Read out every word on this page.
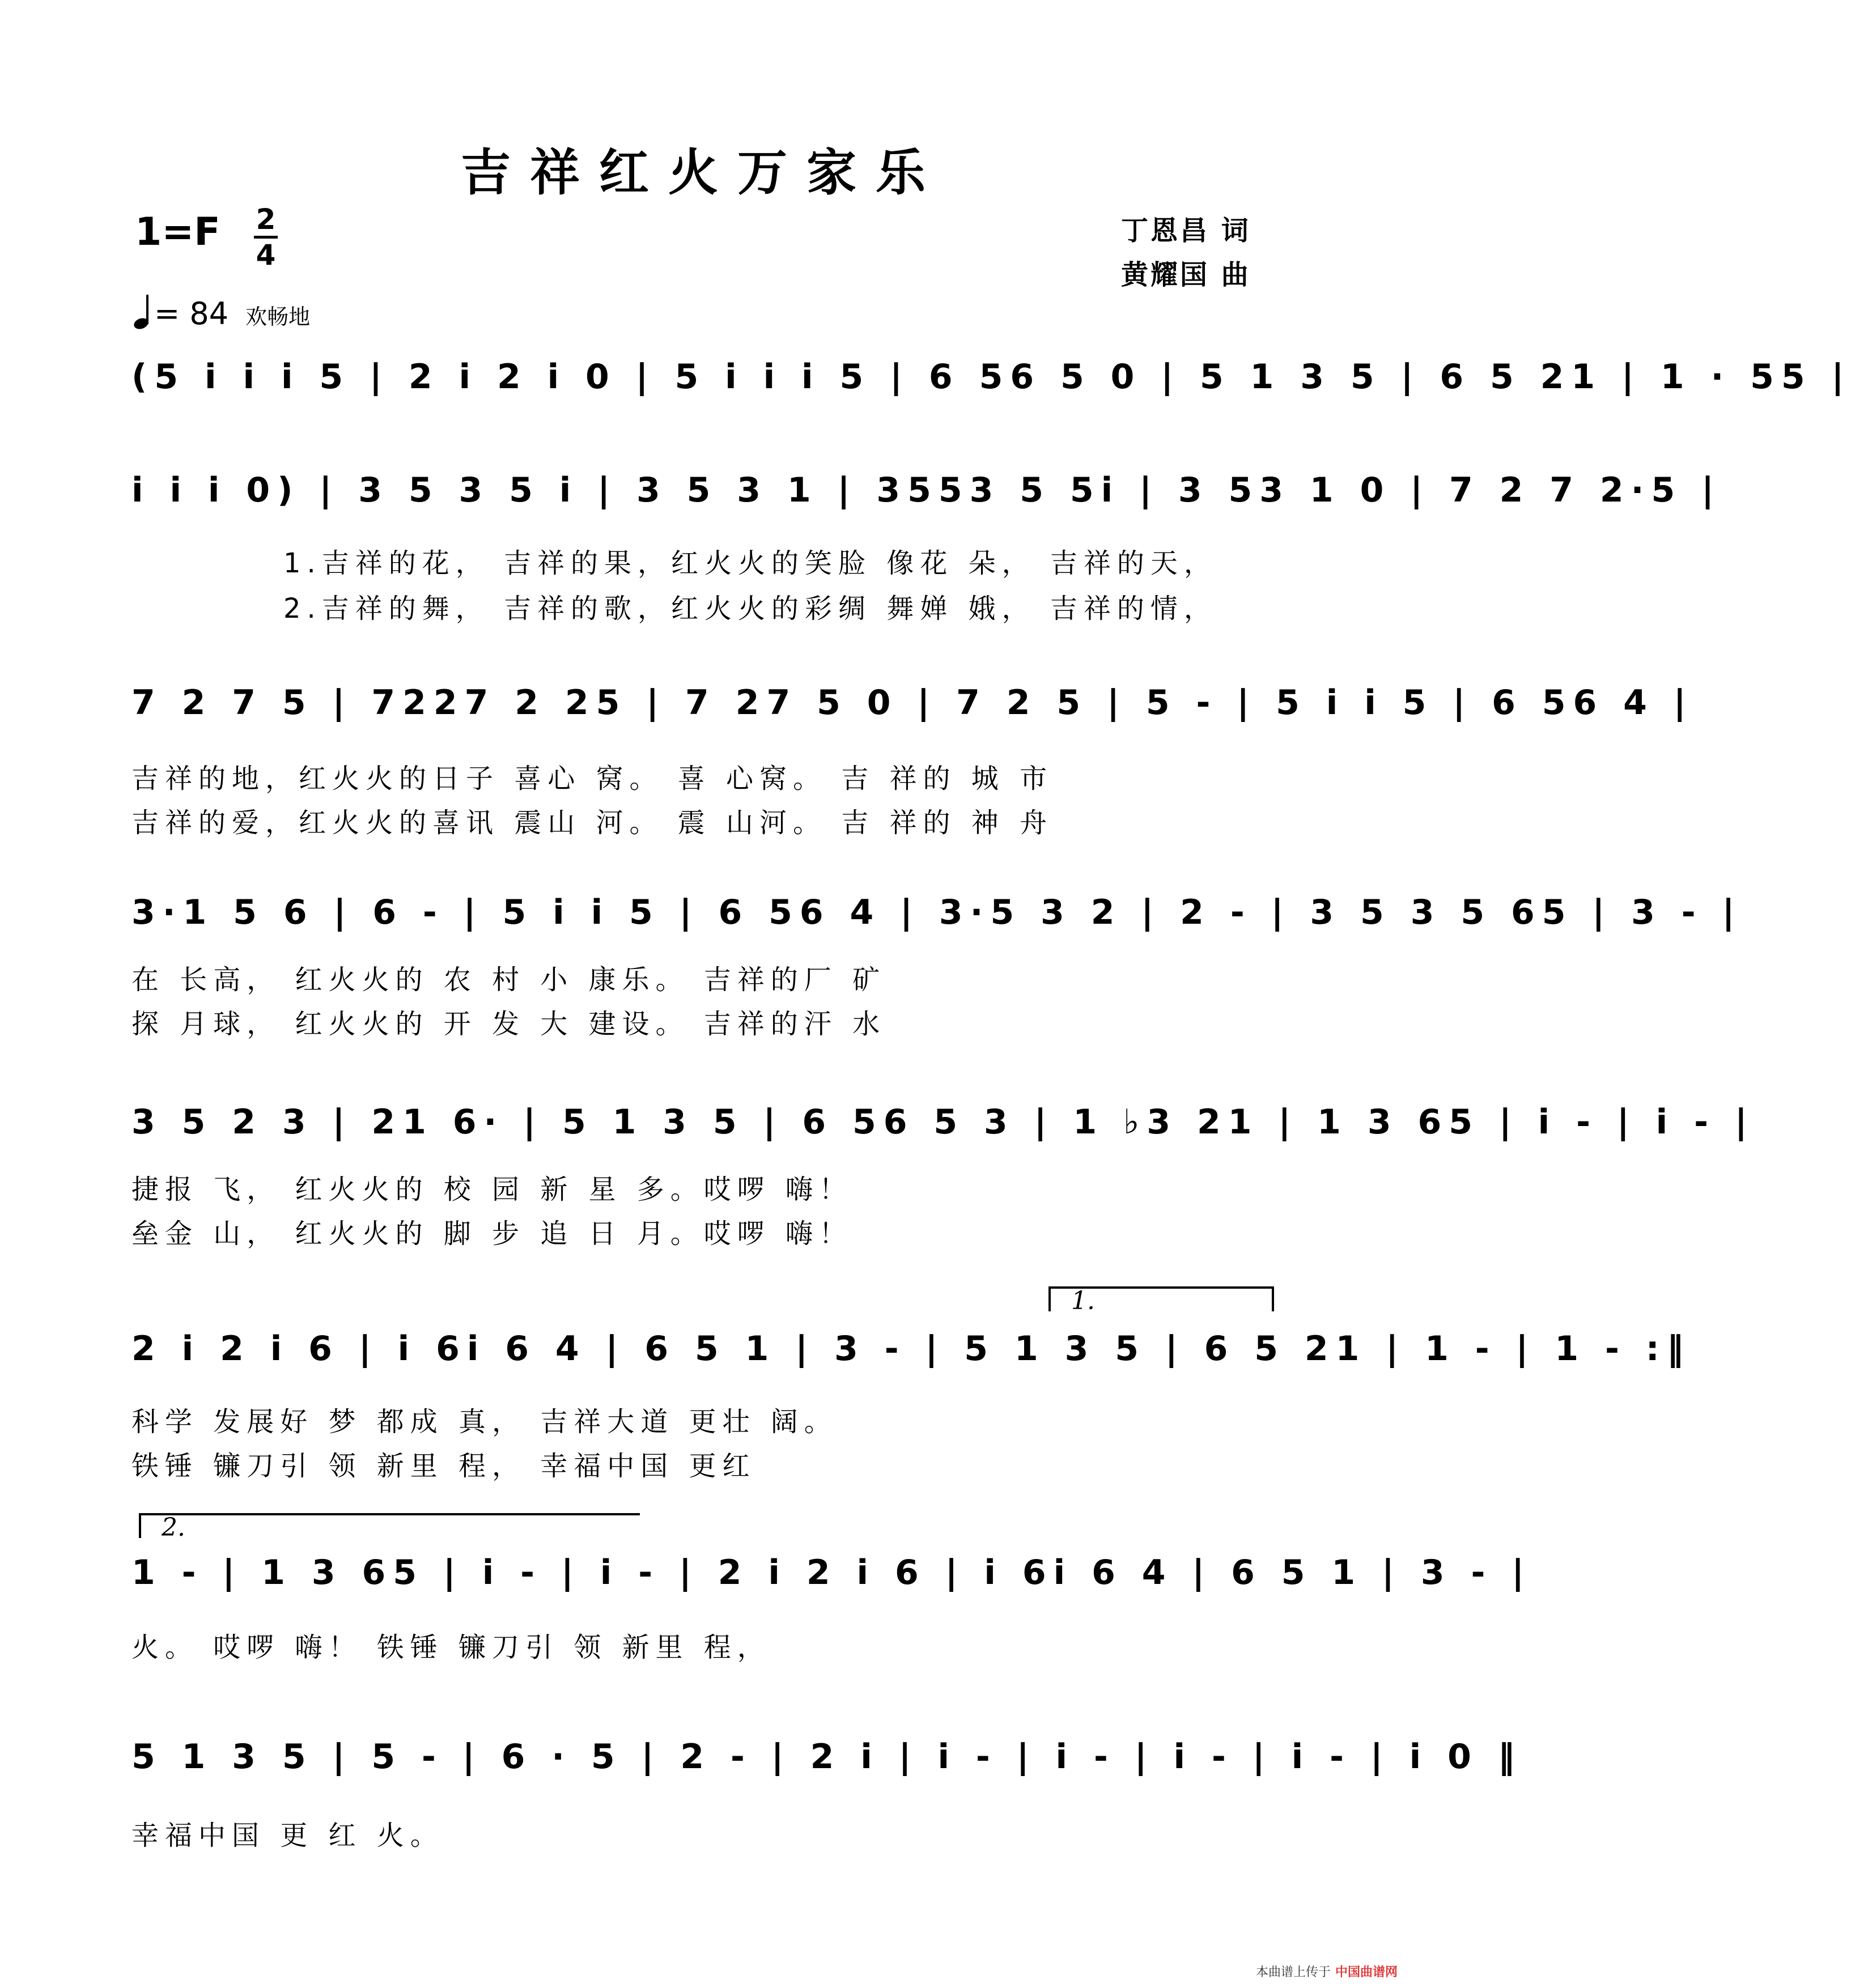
吉祥红火万家乐
1=F 2
4
丁恩昌 词
黄耀国 曲
= 84 欢畅地
(5 i i i 5 | 2 i 2 i 0 | 5 i i i 5 | 6 56 5 0 | 5 1 3 5 | 6 5 21 | 1 · 55 |
i i i 0) | 3 5 3 5 i | 3 5 3 1 | 3553 5 5i | 3 53 1 0 | 7 2 7 2·5 |
1.吉祥的花， 吉祥的果，红火火的笑脸 像花 朵， 吉祥的天，
2.吉祥的舞， 吉祥的歌，红火火的彩绸 舞婵 娥， 吉祥的情，
7 2 7 5 | 7227 2 25 | 7 27 5 0 | 7 2 5 | 5 - | 5 i i 5 | 6 56 4 |
吉祥的地，红火火的日子 喜心 窝。 喜 心窝。 吉 祥的 城 市
吉祥的爱，红火火的喜讯 震山 河。 震 山河。 吉 祥的 神 舟
3·1 5 6 | 6 - | 5 i i 5 | 6 56 4 | 3·5 3 2 | 2 - | 3 5 3 5 65 | 3 - |
在 长高， 红火火的 农 村 小 康乐。 吉祥的厂 矿
探 月球， 红火火的 开 发 大 建设。 吉祥的汗 水
3 5 2 3 | 21 6· | 5 1 3 5 | 6 56 5 3 | 1 ♭3 21 | 1 3 65 | i - | i - |
捷报 飞， 红火火的 校 园 新 星 多。哎啰 嗨！
垒金 山， 红火火的 脚 步 追 日 月。哎啰 嗨！
1.
2 i 2 i 6 | i 6i 6 4 | 6 5 1 | 3 - | 5 1 3 5 | 6 5 21 | 1 - | 1 - :‖
科学 发展好 梦 都成 真， 吉祥大道 更壮 阔。
铁锤 镰刀引 领 新里 程， 幸福中国 更红
2.
1 - | 1 3 65 | i - | i - | 2 i 2 i 6 | i 6i 6 4 | 6 5 1 | 3 - |
火。 哎啰 嗨！ 铁锤 镰刀引 领 新里 程，
5 1 3 5 | 5 - | 6 · 5 | 2 - | 2 i | i - | i - | i - | i - | i 0 ‖
幸福中国 更 红 火。
本曲谱上传于 中国曲谱网
